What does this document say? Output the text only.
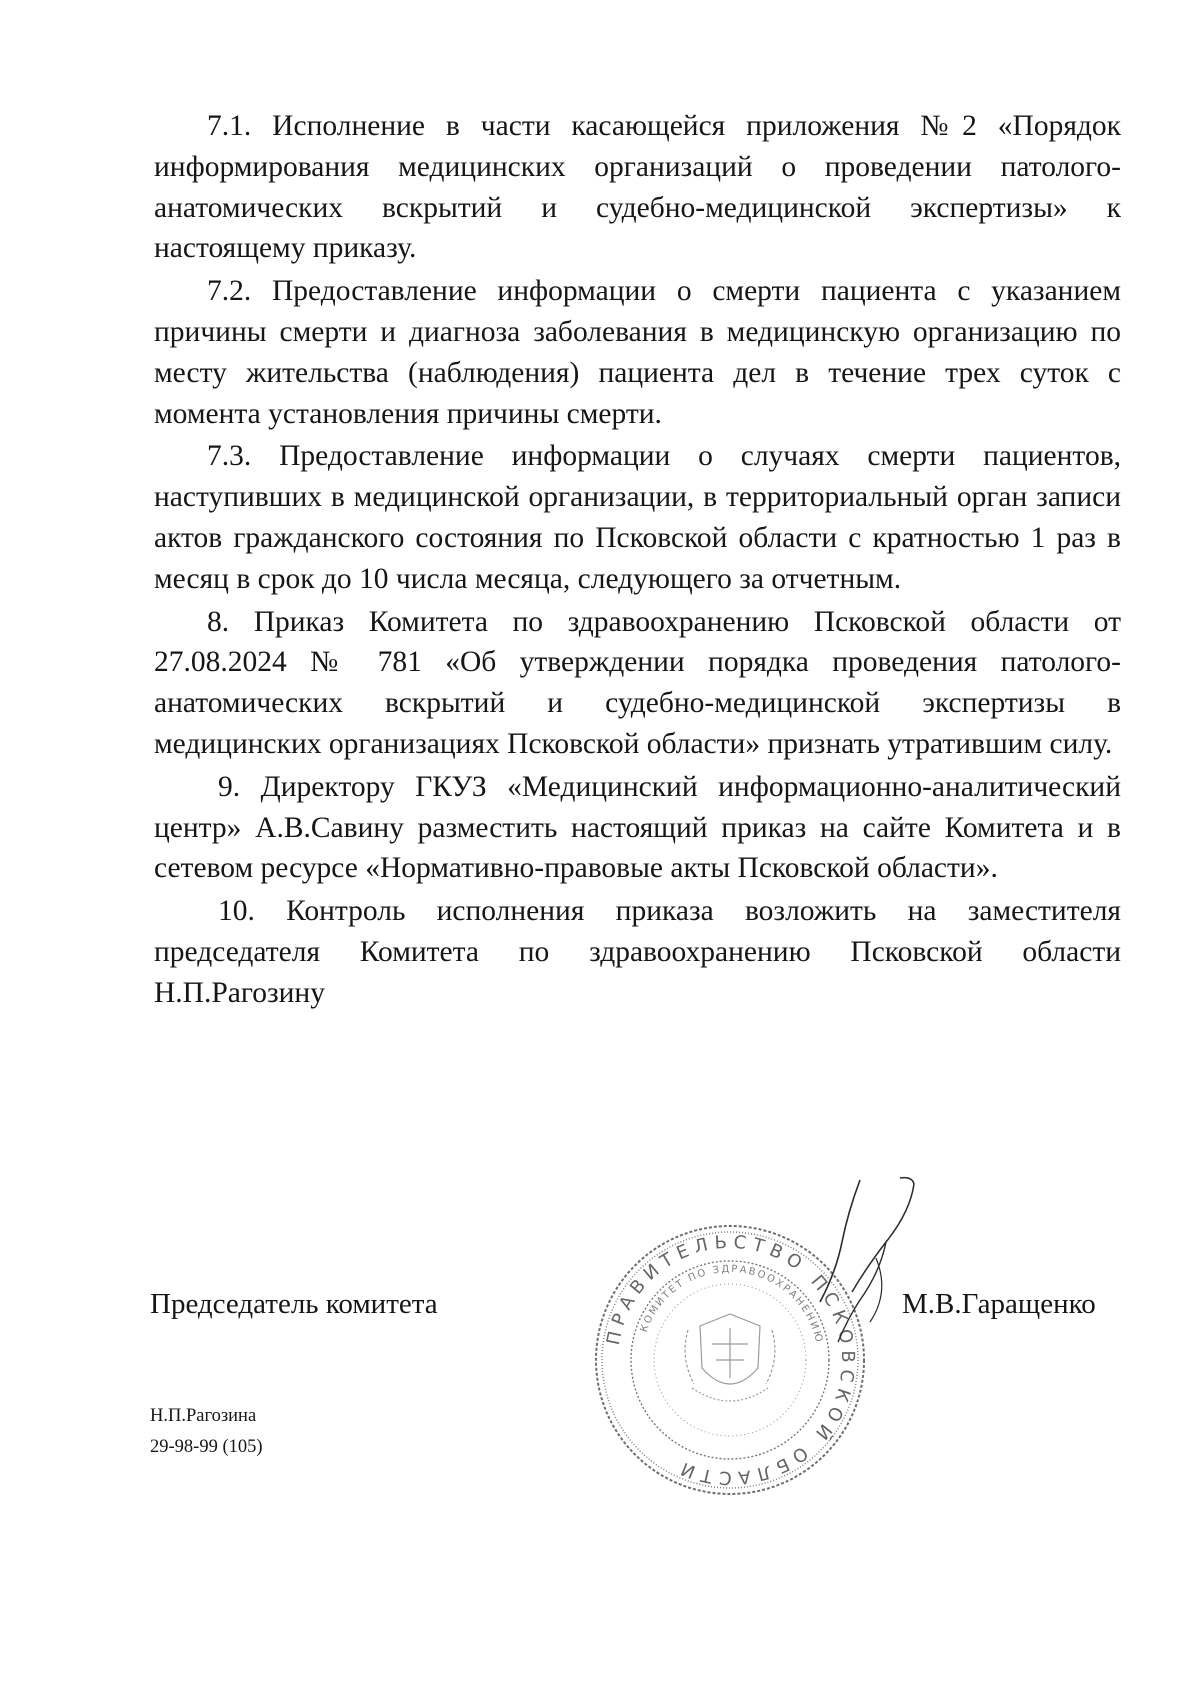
7.1. Исполнение в части касающейся приложения №2 «Порядок информирования медицинских организаций о проведении патолого-анатомических вскрытий и судебно-медицинской экспертизы» к настоящему приказу.

7.2. Предоставление информации о смерти пациента с указанием причины смерти и диагноза заболевания в медицинскую организацию по месту жительства (наблюдения) пациента дел в течение трех суток с момента установления причины смерти.

7.3. Предоставление информации о случаях смерти пациентов, наступивших в медицинской организации, в территориальный орган записи актов гражданского состояния по Псковской области с кратностью 1 раз в месяц в срок до 10 числа месяца, следующего за отчетным.

8. Приказ Комитета по здравоохранению Псковской области от 27.08.2024 № 781 «Об утверждении порядка проведения патолого-анатомических вскрытий и судебно-медицинской экспертизы в медицинских организациях Псковской области» признать утратившим силу.

9. Директору ГКУЗ «Медицинский информационно-аналитический центр» А.В.Савину разместить настоящий приказ на сайте Комитета и в сетевом ресурсе «Нормативно-правовые акты Псковской области».

10. Контроль исполнения приказа возложить на заместителя председателя Комитета по здравоохранению Псковской области Н.П.Рагозину

Председатель комитета
ПРАВИТЕЛЬСТВО ПСКОВСКОЙ ОБЛАСТИ
КОМИТЕТ ПО ЗДРАВООХРАНЕНИЮ
М.В.Гаращенко
Н.П.Рагозина
29-98-99 (105)
